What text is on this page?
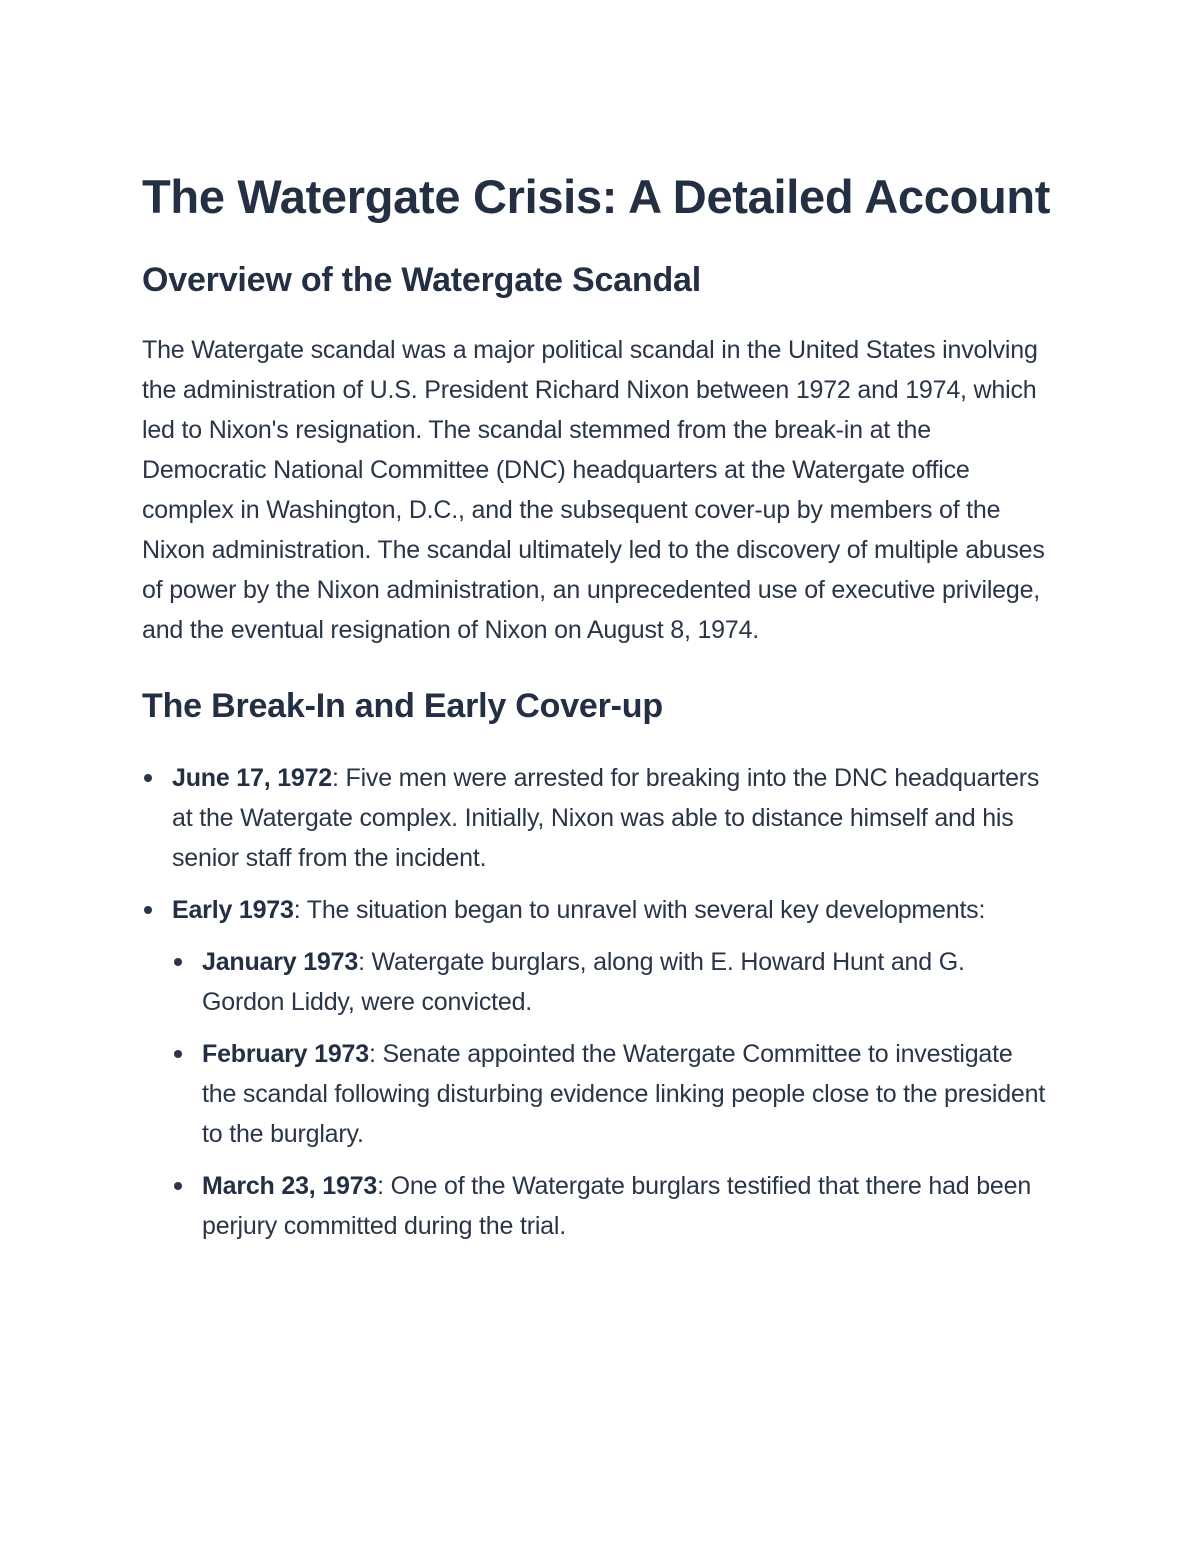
The Watergate Crisis: A Detailed Account
Overview of the Watergate Scandal

The Watergate scandal was a major political scandal in the United States involving the administration of U.S. President Richard Nixon between 1972 and 1974, which led to Nixon's resignation. The scandal stemmed from the break-in at the Democratic National Committee (DNC) headquarters at the Watergate office complex in Washington, D.C., and the subsequent cover-up by members of the Nixon administration. The scandal ultimately led to the discovery of multiple abuses of power by the Nixon administration, an unprecedented use of executive privilege, and the eventual resignation of Nixon on August 8, 1974.

The Break-In and Early Cover-up
June 17, 1972: Five men were arrested for breaking into the DNC headquarters at the Watergate complex. Initially, Nixon was able to distance himself and his senior staff from the incident.
Early 1973: The situation began to unravel with several key developments:
January 1973: Watergate burglars, along with E. Howard Hunt and G. Gordon Liddy, were convicted.
February 1973: Senate appointed the Watergate Committee to investigate the scandal following disturbing evidence linking people close to the president to the burglary.
March 23, 1973: One of the Watergate burglars testified that there had been perjury committed during the trial.
